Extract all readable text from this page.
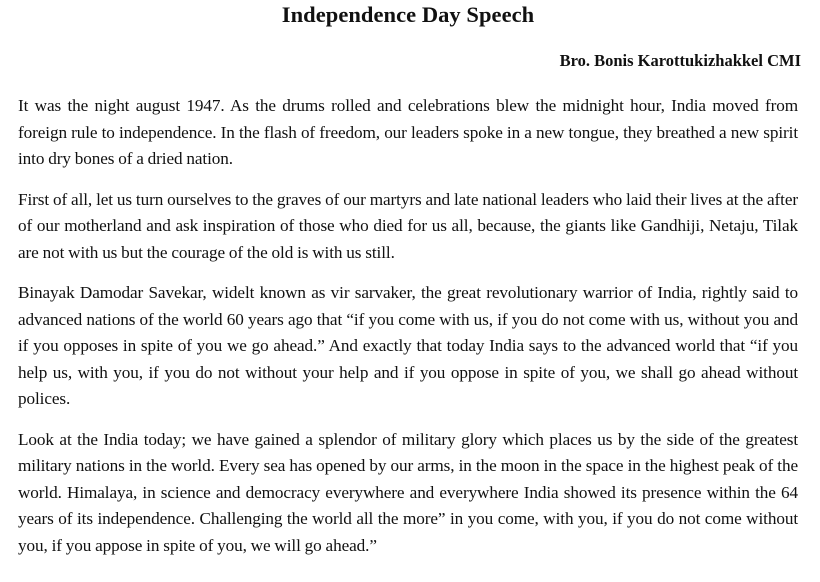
Independence Day Speech
Bro. Bonis Karottukizhakkel CMI

It was the night august 1947. As the drums rolled and celebrations blew the midnight hour, India moved from foreign rule to independence. In the flash of freedom, our leaders spoke in a new tongue, they breathed a new spirit into dry bones of a dried nation.

First of all, let us turn ourselves to the graves of our martyrs and late national leaders who laid their lives at the after of our motherland and ask inspiration of those who died for us all, because, the giants like Gandhiji, Netaju, Tilak are not with us but the courage of the old is with us still.

Binayak Damodar Savekar, widelt known as vir sarvaker, the great revolutionary warrior of India, rightly said to advanced nations of the world 60 years ago that “if you come with us, if you do not come with us, without you and if you opposes in spite of you we go ahead.” And exactly that today India says to the advanced world that “if you help us, with you, if you do not without your help and if you oppose in spite of you, we shall go ahead without polices.

Look at the India today; we have gained a splendor of military glory which places us by the side of the greatest military nations in the world. Every sea has opened by our arms, in the moon in the space in the highest peak of the world. Himalaya, in science and democracy everywhere and everywhere India showed its presence within the 64 years of its independence. Challenging the world all the more” in you come, with you, if you do not come without you, if you appose in spite of you, we will go ahead.”
